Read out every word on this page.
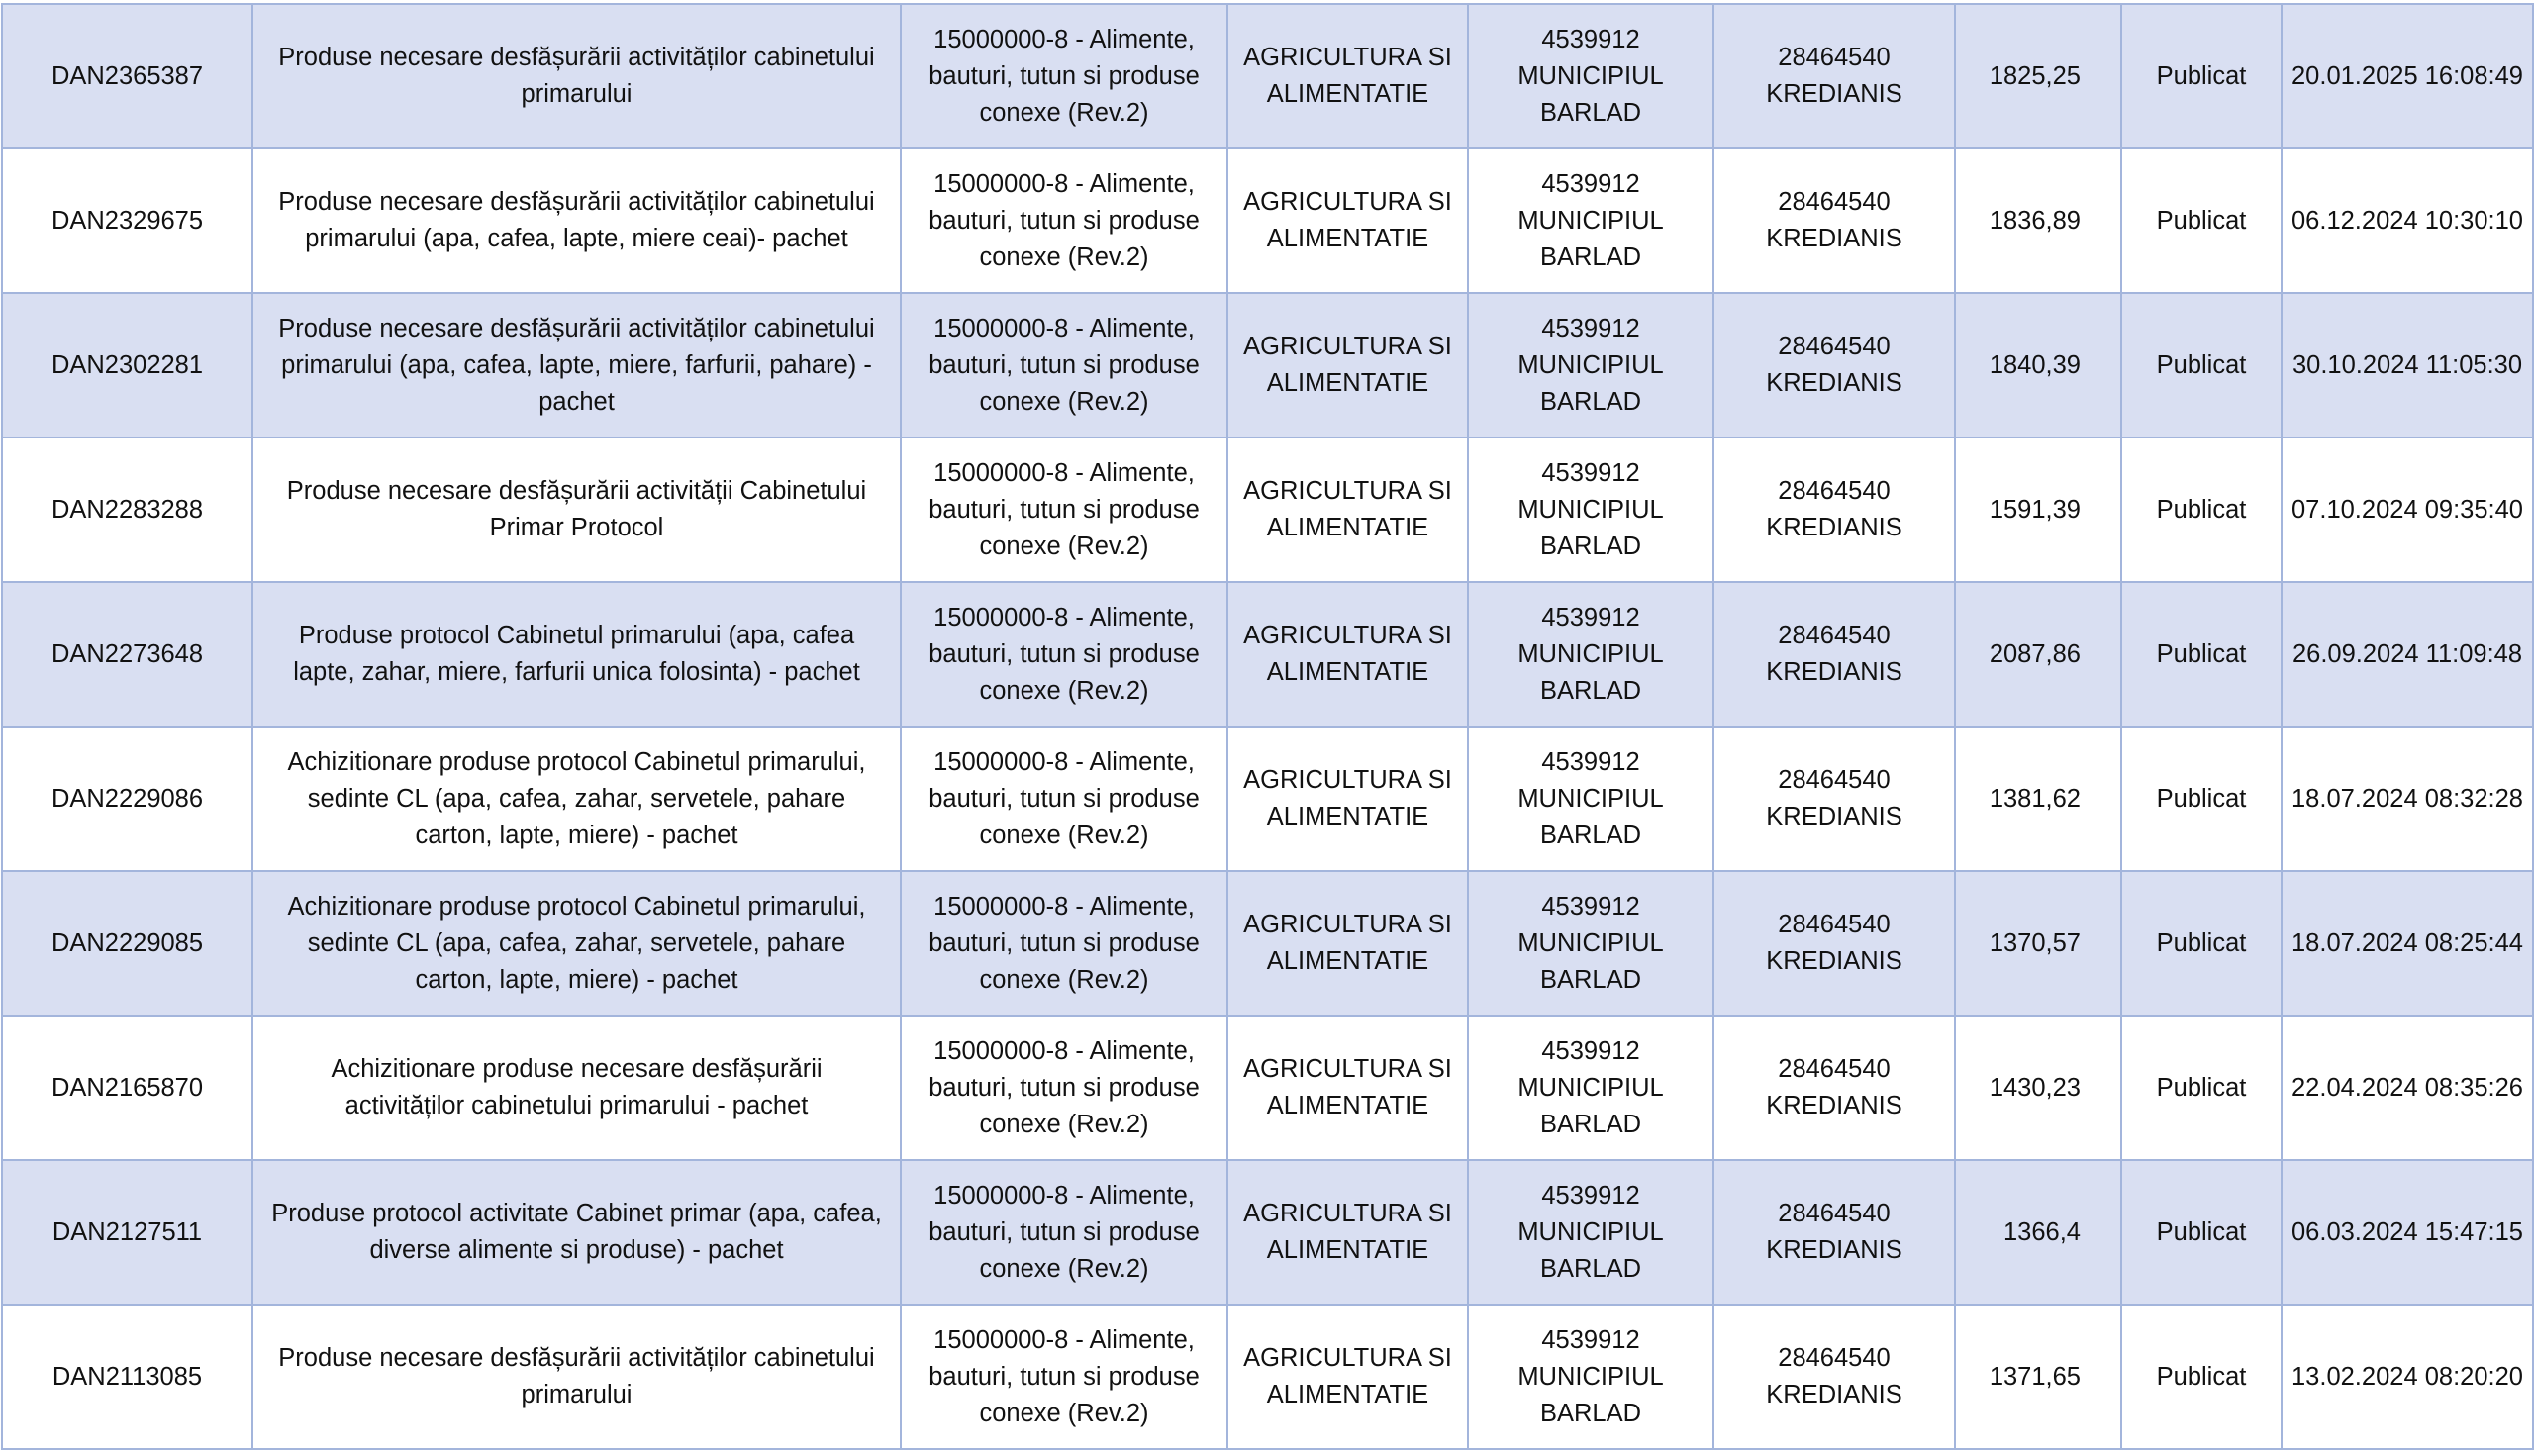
DAN2365387	Produse necesare desfășurării activităților cabinetului primarului	15000000-8 - Alimente, bauturi, tutun si produse conexe (Rev.2)	AGRICULTURA SI ALIMENTATIE	4539912 MUNICIPIUL BARLAD	28464540 KREDIANIS	1825,25	Publicat	20.01.2025 16:08:49
DAN2329675	Produse necesare desfășurării activităților cabinetului primarului (apa, cafea, lapte, miere ceai)- pachet	15000000-8 - Alimente, bauturi, tutun si produse conexe (Rev.2)	AGRICULTURA SI ALIMENTATIE	4539912 MUNICIPIUL BARLAD	28464540 KREDIANIS	1836,89	Publicat	06.12.2024 10:30:10
DAN2302281	Produse necesare desfășurării activităților cabinetului primarului (apa, cafea, lapte, miere, farfurii, pahare) - pachet	15000000-8 - Alimente, bauturi, tutun si produse conexe (Rev.2)	AGRICULTURA SI ALIMENTATIE	4539912 MUNICIPIUL BARLAD	28464540 KREDIANIS	1840,39	Publicat	30.10.2024 11:05:30
DAN2283288	Produse necesare desfășurării activității Cabinetului Primar Protocol	15000000-8 - Alimente, bauturi, tutun si produse conexe (Rev.2)	AGRICULTURA SI ALIMENTATIE	4539912 MUNICIPIUL BARLAD	28464540 KREDIANIS	1591,39	Publicat	07.10.2024 09:35:40
DAN2273648	Produse protocol Cabinetul primarului (apa, cafea lapte, zahar, miere, farfurii unica folosinta) - pachet	15000000-8 - Alimente, bauturi, tutun si produse conexe (Rev.2)	AGRICULTURA SI ALIMENTATIE	4539912 MUNICIPIUL BARLAD	28464540 KREDIANIS	2087,86	Publicat	26.09.2024 11:09:48
DAN2229086	Achizitionare produse protocol Cabinetul primarului, sedinte CL (apa, cafea, zahar, servetele, pahare carton, lapte, miere) - pachet	15000000-8 - Alimente, bauturi, tutun si produse conexe (Rev.2)	AGRICULTURA SI ALIMENTATIE	4539912 MUNICIPIUL BARLAD	28464540 KREDIANIS	1381,62	Publicat	18.07.2024 08:32:28
DAN2229085	Achizitionare produse protocol Cabinetul primarului, sedinte CL (apa, cafea, zahar, servetele, pahare carton, lapte, miere) - pachet	15000000-8 - Alimente, bauturi, tutun si produse conexe (Rev.2)	AGRICULTURA SI ALIMENTATIE	4539912 MUNICIPIUL BARLAD	28464540 KREDIANIS	1370,57	Publicat	18.07.2024 08:25:44
DAN2165870	Achizitionare produse necesare desfășurării activităților cabinetului primarului - pachet	15000000-8 - Alimente, bauturi, tutun si produse conexe (Rev.2)	AGRICULTURA SI ALIMENTATIE	4539912 MUNICIPIUL BARLAD	28464540 KREDIANIS	1430,23	Publicat	22.04.2024 08:35:26
DAN2127511	Produse protocol activitate Cabinet primar (apa, cafea, diverse alimente si produse) - pachet	15000000-8 - Alimente, bauturi, tutun si produse conexe (Rev.2)	AGRICULTURA SI ALIMENTATIE	4539912 MUNICIPIUL BARLAD	28464540 KREDIANIS	1366,4	Publicat	06.03.2024 15:47:15
DAN2113085	Produse necesare desfășurării activităților cabinetului primarului	15000000-8 - Alimente, bauturi, tutun si produse conexe (Rev.2)	AGRICULTURA SI ALIMENTATIE	4539912 MUNICIPIUL BARLAD	28464540 KREDIANIS	1371,65	Publicat	13.02.2024 08:20:20
